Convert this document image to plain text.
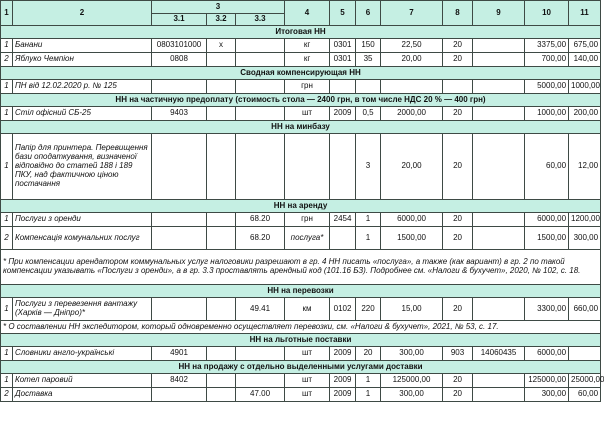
1	2	3			4	5	6	7	8	9	10	11
		3.1	3.2	3.3								
Итоговая НН												
1	Банани	0803101000	х		кг	0301	150	22,50	20		3375,00	675,00
2	Яблуко Чемпіон	0808			кг	0301	35	20,00	20		700,00	140,00
Сводная компенсирующая НН												
1	ПН від 12.02.2020 р. № 125				грн						5000,00	1000,00
НН на частичную предоплату (стоимость стола — 2400 грн, в том числе НДС 20 % — 400 грн)												
1	Стіл офісний СБ-25	9403			шт	2009	0,5	2000,00	20		1000,00	200,00
НН на минбазу												
1	Папір для принтера. Перевищення бази оподаткування, визначеної відповідно до статей 188 і 189 ПКУ, над фактичною ціною постачання						3	20,00	20		60,00	12,00
НН на аренду												
1	Послуги з оренди			68.20	грн	2454	1	6000,00	20		6000,00	1200,00
2	Компенсація комунальних послуг			68.20	послуга*		1	1500,00	20		1500,00	300,00
* При компенсации арендатором коммунальных услуг налоговики разрешают в гр. 4 НН писать «послуга», а также (как вариант) в гр. 2 по такой компенсации указывать «Послуги з оренди», а в гр. 3.3 проставлять арендный код (101.16 БЗ). Подробнее см. «Налоги & бухучет», 2020, № 102, с. 18.												
НН на перевозки												
1	Послуги з перевезення вантажу (Харків — Дніпро)*			49.41	км	0102	220	15,00	20		3300,00	660,00
* О составлении НН экспедитором, который одновременно осуществляет перевозки, см. «Налоги & бухучет», 2021, № 53, с. 17.												
НН на льготные поставки												
1	Словники англо-українські	4901			шт	2009	20	300,00	903	14060435	6000,00	
НН на продажу с отдельно выделенными услугами доставки												
1	Котел паровий	8402			шт	2009	1	125000,00	20		125000,00	25000,00
2	Доставка			47.00	шт	2009	1	300,00	20		300,00	60,00
